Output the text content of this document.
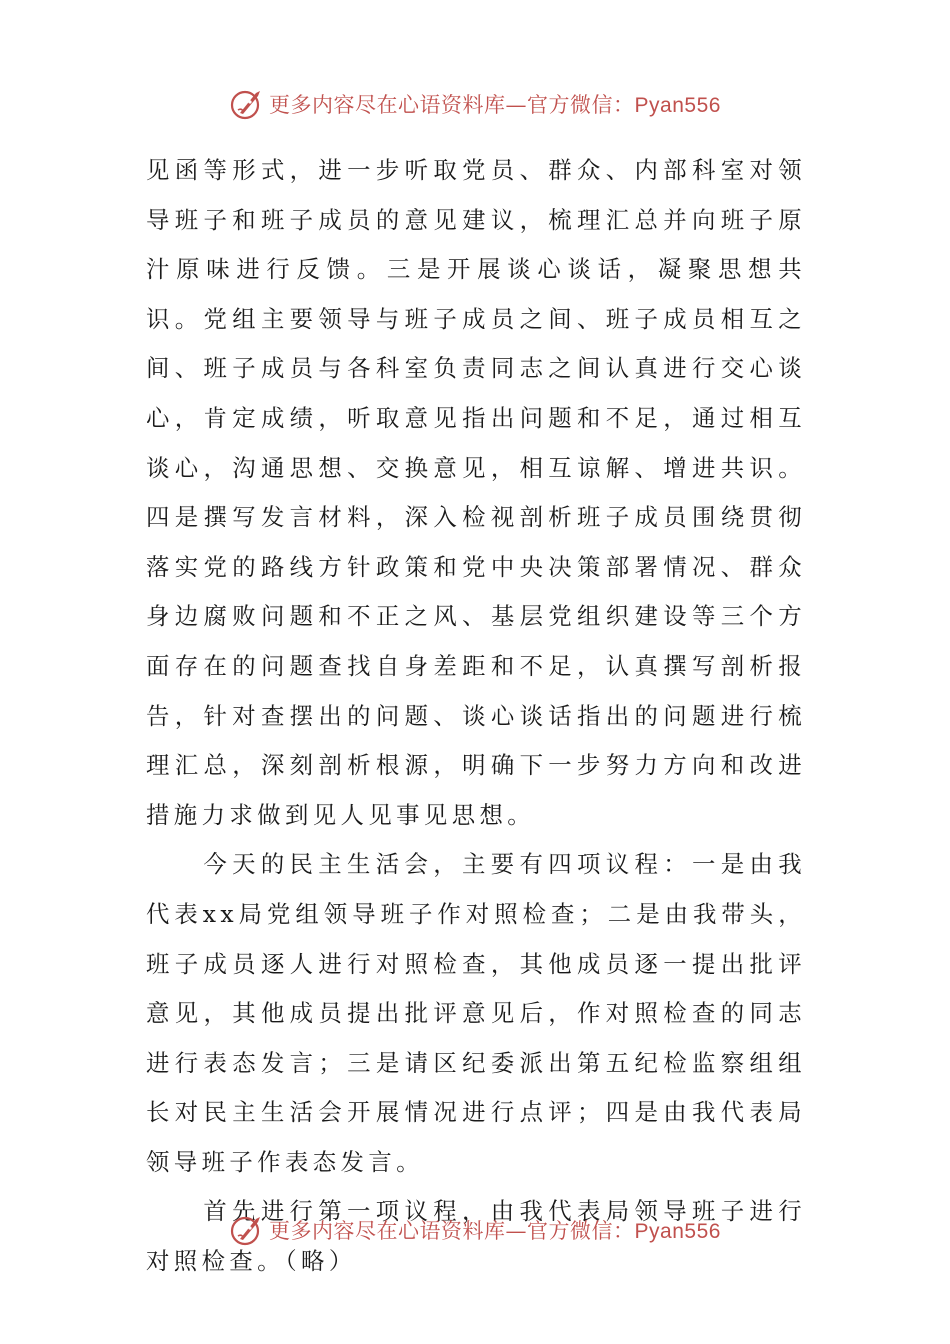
更多内容尽在心语资料库—官方微信：Pyan556

见函等形式，进一步听取党员、群众、内部科室对领导班子和班子成员的意见建议，梳理汇总并向班子原汁原味进行反馈。三是开展谈心谈话，凝聚思想共识。党组主要领导与班子成员之间、班子成员相互之间、班子成员与各科室负责同志之间认真进行交心谈心，肯定成绩，听取意见指出问题和不足，通过相互谈心，沟通思想、交换意见，相互谅解、增进共识。四是撰写发言材料，深入检视剖析班子成员围绕贯彻落实党的路线方针政策和党中央决策部署情况、群众身边腐败问题和不正之风、基层党组织建设等三个方面存在的问题查找自身差距和不足，认真撰写剖析报告，针对查摆出的问题、谈心谈话指出的问题进行梳理汇总，深刻剖析根源，明确下一步努力方向和改进措施力求做到见人见事见思想。

今天的民主生活会，主要有四项议程：一是由我代表xx局党组领导班子作对照检查；二是由我带头，班子成员逐人进行对照检查，其他成员逐一提出批评意见，其他成员提出批评意见后，作对照检查的同志进行表态发言；三是请区纪委派出第五纪检监察组组长对民主生活会开展情况进行点评；四是由我代表局领导班子作表态发言。

首先进行第一项议程，由我代表局领导班子进行对照检查。（略）

更多内容尽在心语资料库—官方微信：Pyan556
